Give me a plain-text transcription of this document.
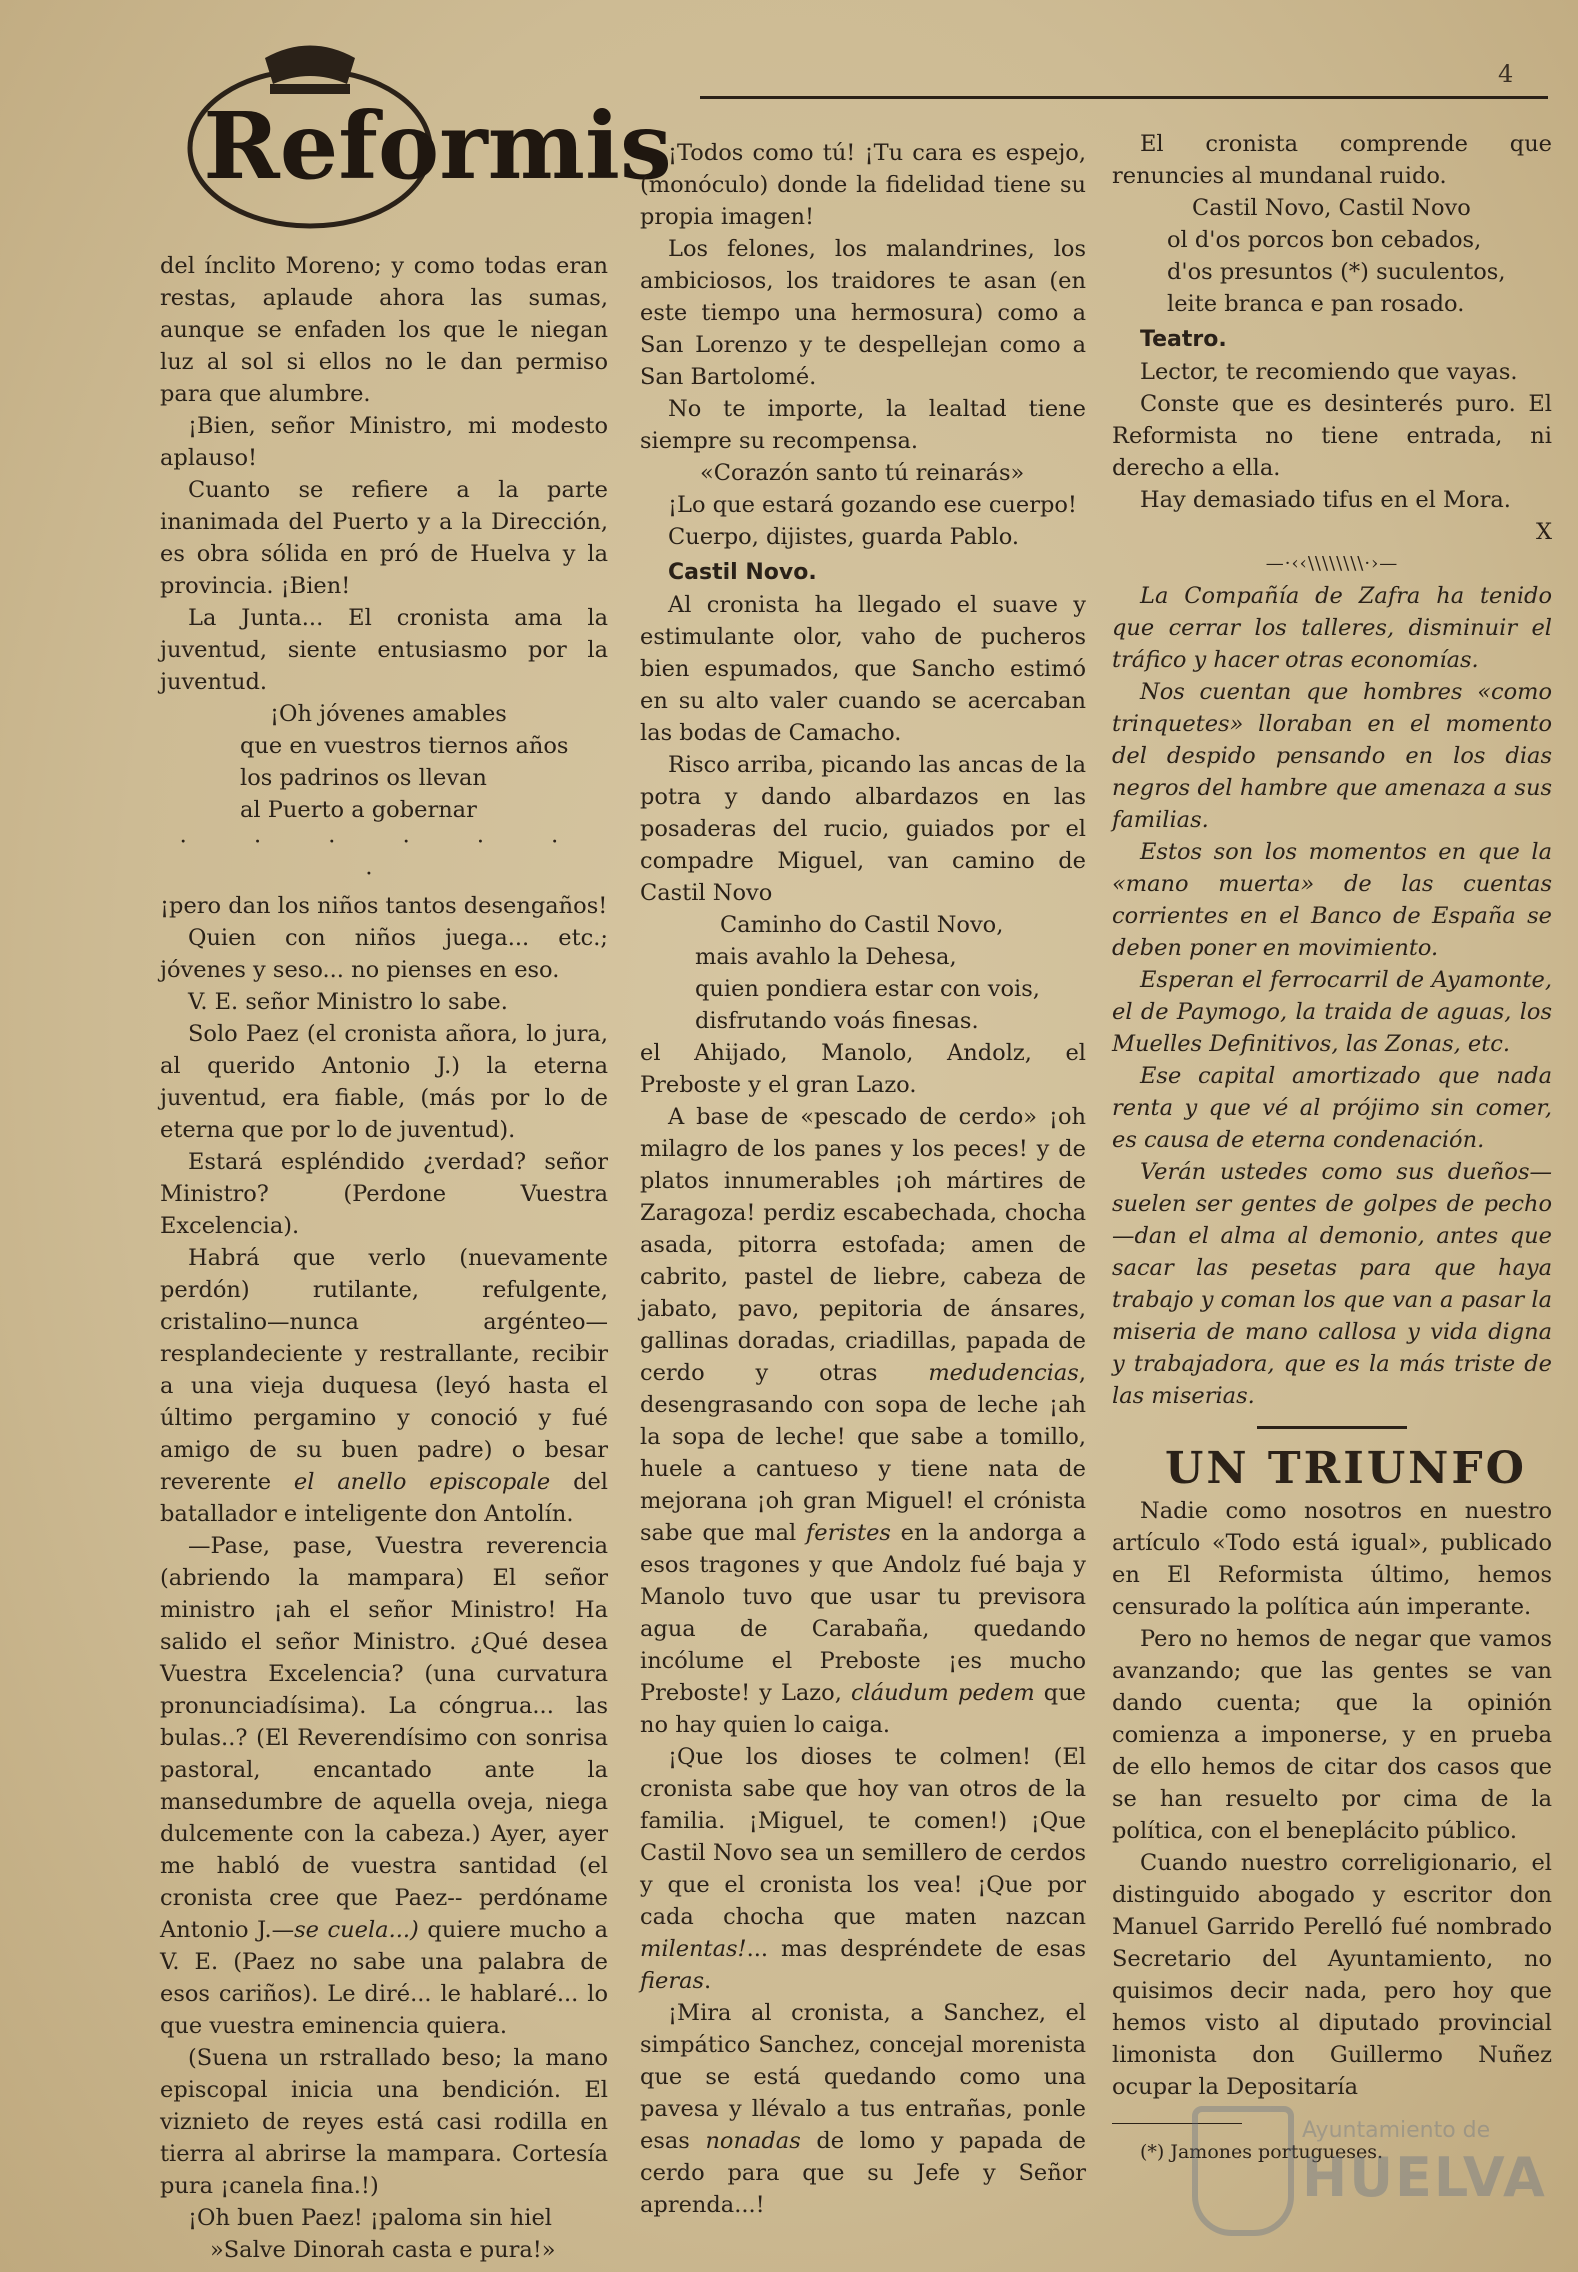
Reformis
4

del ínclito Moreno; y como todas eran restas, aplaude ahora las sumas, aunque se enfaden los que le niegan luz al sol si ellos no le dan permiso para que alumbre.

¡Bien, señor Ministro, mi modesto aplauso!

Cuanto se refiere a la parte inanimada del Puerto y a la Dirección, es obra sólida en pró de Huelva y la provincia. ¡Bien!

La Junta... El cronista ama la juventud, siente entusiasmo por la juventud.

¡Oh jóvenes amables

que en vuestros tiernos años

los padrinos os llevan

al Puerto a gobernar

· · · · · · ·

¡pero dan los niños tantos desengaños!

Quien con niños juega... etc.; jóvenes y seso... no pienses en eso.

V. E. señor Ministro lo sabe.

Solo Paez (el cronista añora, lo jura, al querido Antonio J.) la eterna juventud, era fiable, (más por lo de eterna que por lo de juventud).

Estará espléndido ¿verdad? señor Ministro? (Perdone Vuestra Excelencia).

Habrá que verlo (nuevamente perdón) rutilante, refulgente, cristalino—nunca argénteo—resplandeciente y restrallante, recibir a una vieja duquesa (leyó hasta el último pergamino y conoció y fué amigo de su buen padre) o besar reverente el anello episcopale del batallador e inteligente don Antolín.

—Pase, pase, Vuestra reverencia (abriendo la mampara) El señor ministro ¡ah el señor Ministro! Ha salido el señor Ministro. ¿Qué desea Vuestra Excelencia? (una curvatura pronunciadísima). La cóngrua... las bulas..? (El Reverendísimo con sonrisa pastoral, encantado ante la mansedumbre de aquella oveja, niega dulcemente con la cabeza.) Ayer, ayer me habló de vuestra santidad (el cronista cree que Paez-- perdóname Antonio J.—se cuela...) quiere mucho a V. E. (Paez no sabe una palabra de esos cariños). Le diré... le hablaré... lo que vuestra eminencia quiera.

(Suena un rstrallado beso; la mano episcopal inicia una bendición. El viznieto de reyes está casi rodilla en tierra al abrirse la mampara. Cortesía pura ¡canela fina.!)

¡Oh buen Paez! ¡paloma sin hiel

»Salve Dinorah casta e pura!»

¡Todos como tú! ¡Tu cara es espejo, (monóculo) donde la fidelidad tiene su propia imagen!

Los felones, los malandrines, los ambiciosos, los traidores te asan (en este tiempo una hermosura) como a San Lorenzo y te despellejan como a San Bartolomé.

No te importe, la lealtad tiene siempre su recompensa.

«Corazón santo tú reinarás»

¡Lo que estará gozando ese cuerpo!

Cuerpo, dijistes, guarda Pablo.

Castil Novo.

Al cronista ha llegado el suave y estimulante olor, vaho de pucheros bien espumados, que Sancho estimó en su alto valer cuando se acercaban las bodas de Camacho.

Risco arriba, picando las ancas de la potra y dando albardazos en las posaderas del rucio, guiados por el compadre Miguel, van camino de Castil Novo

Caminho do Castil Novo,

mais avahlo la Dehesa,

quien pondiera estar con vois,

disfrutando voás finesas.

el Ahijado, Manolo, Andolz, el Preboste y el gran Lazo.

A base de «pescado de cerdo» ¡oh milagro de los panes y los peces! y de platos innumerables ¡oh mártires de Zaragoza! perdiz escabechada, chocha asada, pitorra estofada; amen de cabrito, pastel de liebre, cabeza de jabato, pavo, pepitoria de ánsares, gallinas doradas, criadillas, papada de cerdo y otras medudencias, desengrasando con sopa de leche ¡ah la sopa de leche! que sabe a tomillo, huele a cantueso y tiene nata de mejorana ¡oh gran Miguel! el crónista sabe que mal feristes en la andorga a esos tragones y que Andolz fué baja y Manolo tuvo que usar tu previsora agua de Carabaña, quedando incólume el Preboste ¡es mucho Preboste! y Lazo, cláudum pedem que no hay quien lo caiga.

¡Que los dioses te colmen! (El cronista sabe que hoy van otros de la familia. ¡Miguel, te comen!) ¡Que Castil Novo sea un semillero de cerdos y que el cronista los vea! ¡Que por cada chocha que maten nazcan milentas!... mas despréndete de esas fieras.

¡Mira al cronista, a Sanchez, el simpático Sanchez, concejal morenista que se está quedando como una pavesa y llévalo a tus entrañas, ponle esas nonadas de lomo y papada de cerdo para que su Jefe y Señor aprenda...!

El cronista comprende que renuncies al mundanal ruido.

Castil Novo, Castil Novo

ol d'os porcos bon cebados,

d'os presuntos (*) suculentos,

leite branca e pan rosado.

Teatro.

Lector, te recomiendo que vayas.

Conste que es desinterés puro. El Reformista no tiene entrada, ni derecho a ella.

Hay demasiado tifus en el Mora.

X

—·‹‹\\\\\\\\·›—

La Compañía de Zafra ha tenido que cerrar los talleres, disminuir el tráfico y hacer otras economías.

Nos cuentan que hombres «como trinquetes» lloraban en el momento del despido pensando en los dias negros del hambre que amenaza a sus familias.

Estos son los momentos en que la «mano muerta» de las cuentas corrientes en el Banco de España se deben poner en movimiento.

Esperan el ferrocarril de Ayamonte, el de Paymogo, la traida de aguas, los Muelles Definitivos, las Zonas, etc.

Ese capital amortizado que nada renta y que vé al prójimo sin comer, es causa de eterna condenación.

Verán ustedes como sus dueños—suelen ser gentes de golpes de pecho—dan el alma al demonio, antes que sacar las pesetas para que haya trabajo y coman los que van a pasar la miseria de mano callosa y vida digna y trabajadora, que es la más triste de las miserias.

UN TRIUNFO

Nadie como nosotros en nuestro artículo «Todo está igual», publicado en El Reformista último, hemos censurado la política aún imperante.

Pero no hemos de negar que vamos avanzando; que las gentes se van dando cuenta; que la opinión comienza a imponerse, y en prueba de ello hemos de citar dos casos que se han resuelto por cima de la política, con el beneplácito público.

Cuando nuestro correligionario, el distinguido abogado y escritor don Manuel Garrido Perelló fué nombrado Secretario del Ayuntamiento, no quisimos decir nada, pero hoy que hemos visto al diputado provincial limonista don Guillermo Nuñez ocupar la Depositaría

(*) Jamones portugueses.

Ayuntamiento de
HUELVA
